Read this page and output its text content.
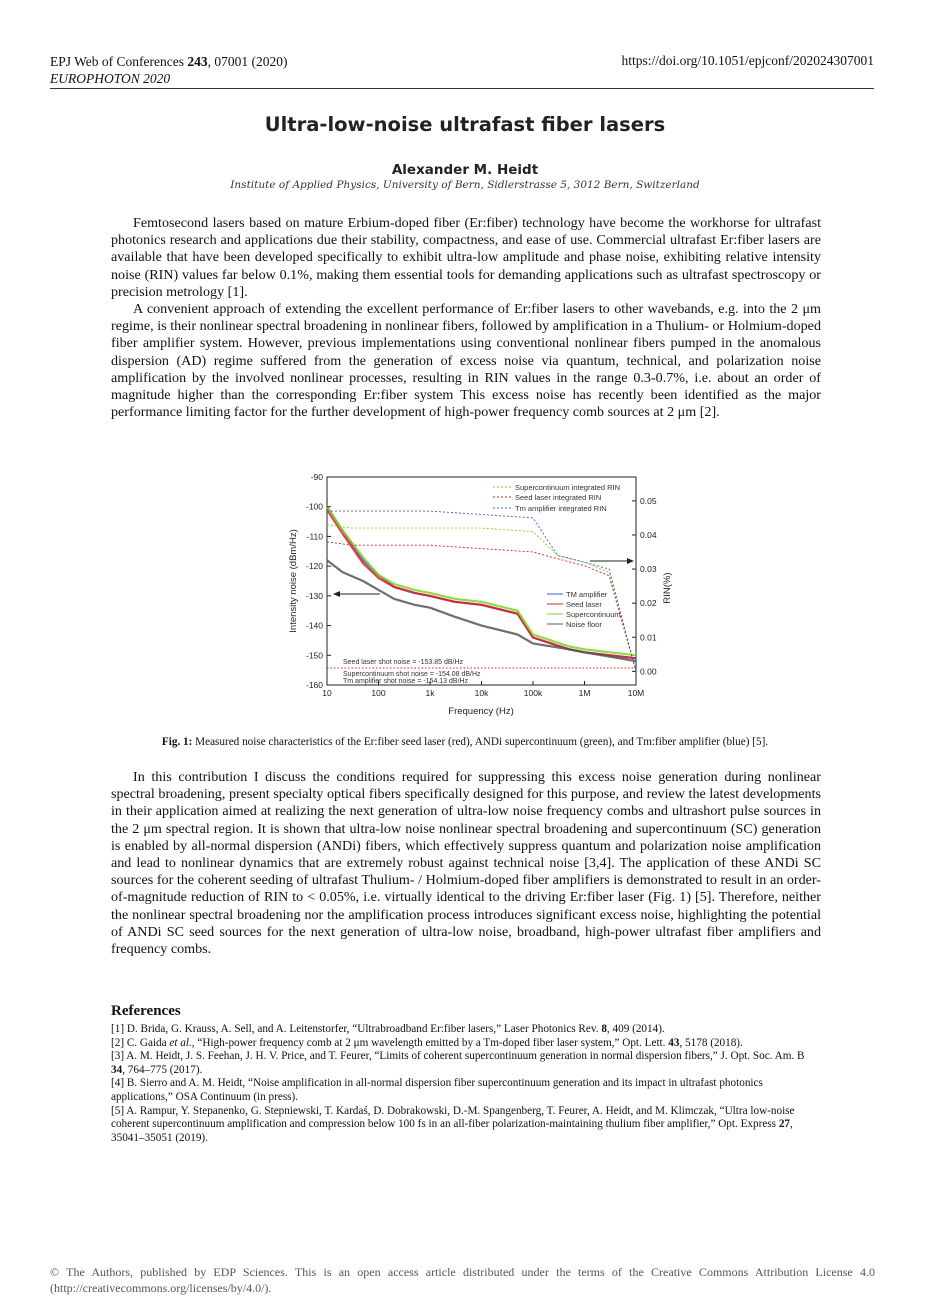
EPJ Web of Conferences 243, 07001 (2020)
EUROPHOTON 2020
https://doi.org/10.1051/epjconf/202024307001
Ultra-low-noise ultrafast fiber lasers
Alexander M. Heidt
Institute of Applied Physics, University of Bern, Sidlerstrasse 5, 3012 Bern, Switzerland

Femtosecond lasers based on mature Erbium-doped fiber (Er:fiber) technology have become the workhorse for ultrafast photonics research and applications due their stability, compactness, and ease of use. Commercial ultrafast Er:fiber lasers are available that have been developed specifically to exhibit ultra-low amplitude and phase noise, exhibiting relative intensity noise (RIN) values far below 0.1%, making them essential tools for demanding applications such as ultrafast spectroscopy or precision metrology [1].

A convenient approach of extending the excellent performance of Er:fiber lasers to other wavebands, e.g. into the 2 μm regime, is their nonlinear spectral broadening in nonlinear fibers, followed by amplification in a Thulium- or Holmium-doped fiber amplifier system. However, previous implementations using conventional nonlinear fibers pumped in the anomalous dispersion (AD) regime suffered from the generation of excess noise via quantum, technical, and polarization noise amplification by the involved nonlinear processes, resulting in RIN values in the range 0.3-0.7%, i.e. about an order of magnitude higher than the corresponding Er:fiber system This excess noise has recently been identified as the major performance limiting factor for the further development of high-power frequency comb sources at 2 μm [2].

10	100	1k	10k	100k	1M	10M
-90
-100
-110
-120
-130
-140
-150
-160
0.05
0.04
0.03
0.02
0.01
0.00
Supercontinuum integrated RIN
Seed laser integrated RIN
Tm amplifier integrated RIN
TM amplifier
Seed laser
Supercontinuum
Noise floor
Seed laser shot noise = -153.85 dB/Hz
Supercontinuum shot noise = -154.08 dB/Hz
Tm amplifier shot noise = -154.13 dB/Hz
Frequency (Hz)
Intensity noise (dBm/Hz)	RIN(%)
Fig. 1: Measured noise characteristics of the Er:fiber seed laser (red), ANDi supercontinuum (green), and Tm:fiber amplifier (blue) [5].

In this contribution I discuss the conditions required for suppressing this excess noise generation during nonlinear spectral broadening, present specialty optical fibers specifically designed for this purpose, and review the latest developments in their application aimed at realizing the next generation of ultra-low noise frequency combs and ultrashort pulse sources in the 2 μm spectral region. It is shown that ultra-low noise nonlinear spectral broadening and supercontinuum (SC) generation is enabled by all-normal dispersion (ANDi) fibers, which effectively suppress quantum and polarization noise amplification and lead to nonlinear dynamics that are extremely robust against technical noise [3,4]. The application of these ANDi SC sources for the coherent seeding of ultrafast Thulium- / Holmium-doped fiber amplifiers is demonstrated to result in an order-of-magnitude reduction of RIN to < 0.05%, i.e. virtually identical to the driving Er:fiber laser (Fig. 1) [5]. Therefore, neither the nonlinear spectral broadening nor the amplification process introduces significant excess noise, highlighting the potential of ANDi SC seed sources for the next generation of ultra-low noise, broadband, high-power ultrafast fiber amplifiers and frequency combs.

References
[1] D. Brida, G. Krauss, A. Sell, and A. Leitenstorfer, “Ultrabroadband Er:fiber lasers,” Laser Photonics Rev. 8, 409 (2014).
[2] C. Gaida et al., “High-power frequency comb at 2 μm wavelength emitted by a Tm-doped fiber laser system,” Opt. Lett. 43, 5178 (2018).
[3] A. M. Heidt, J. S. Feehan, J. H. V. Price, and T. Feurer, “Limits of coherent supercontinuum generation in normal dispersion fibers,” J. Opt. Soc. Am. B 34, 764–775 (2017).
[4] B. Sierro and A. M. Heidt, “Noise amplification in all-normal dispersion fiber supercontinuum generation and its impact in ultrafast photonics applications,” OSA Continuum (in press).
[5] A. Rampur, Y. Stepanenko, G. Stepniewski, T. Kardaś, D. Dobrakowski, D.-M. Spangenberg, T. Feurer, A. Heidt, and M. Klimczak, “Ultra low-noise coherent supercontinuum amplification and compression below 100 fs in an all-fiber polarization-maintaining thulium fiber amplifier,” Opt. Express 27, 35041–35051 (2019).
© The Authors, published by EDP Sciences. This is an open access article distributed under the terms of the Creative Commons Attribution License 4.0 (http://creativecommons.org/licenses/by/4.0/).
